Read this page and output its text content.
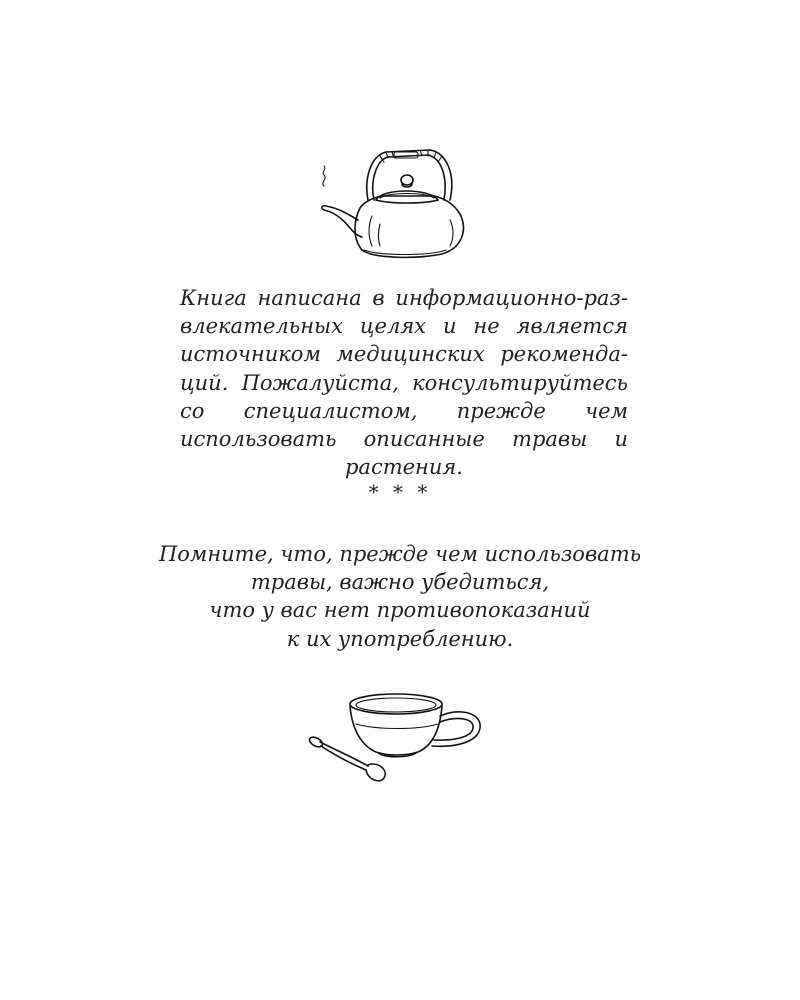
Книга написана в информационно-развлекательных целях и не является источником медицинских рекомендаций. Пожалуйста, консультируйтесь со специалистом, прежде чем использовать описанные травы и растения.

* * *

Помните, что, прежде чем использовать
травы, важно убедиться,
что у вас нет противопоказаний
к их употреблению.
